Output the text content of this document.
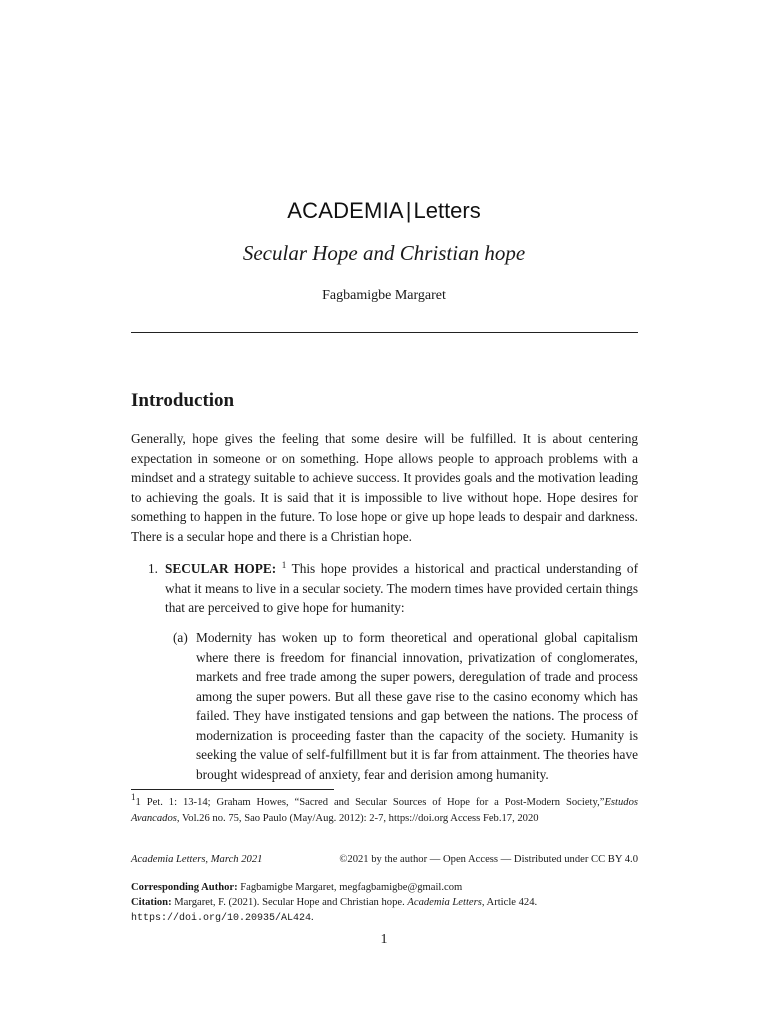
ACADEMIA|Letters
Secular Hope and Christian hope
Fagbamigbe Margaret
Introduction
Generally, hope gives the feeling that some desire will be fulfilled. It is about centering expectation in someone or on something. Hope allows people to approach problems with a mindset and a strategy suitable to achieve success. It provides goals and the motivation leading to achieving the goals. It is said that it is impossible to live without hope. Hope desires for something to happen in the future. To lose hope or give up hope leads to despair and darkness. There is a secular hope and there is a Christian hope.
1. SECULAR HOPE: $^1$ This hope provides a historical and practical understanding of what it means to live in a secular society. The modern times have provided certain things that are perceived to give hope for humanity:
(a) Modernity has woken up to form theoretical and operational global capitalism where there is freedom for financial innovation, privatization of conglomerates, markets and free trade among the super powers, deregulation of trade and process among the super powers. But all these gave rise to the casino economy which has failed. They have instigated tensions and gap between the nations. The process of modernization is proceeding faster than the capacity of the society. Humanity is seeking the value of self-fulfillment but it is far from attainment. The theories have brought widespread of anxiety, fear and derision among humanity.
$^1$1 Pet. 1: 13-14; Graham Howes, “Sacred and Secular Sources of Hope for a Post-Modern Society,”Estudos Avancados, Vol.26 no. 75, Sao Paulo (May/Aug. 2012): 2-7, https://doi.org Access Feb.17, 2020
Academia Letters, March 2021	©2021 by the author — Open Access — Distributed under CC BY 4.0
Corresponding Author: Fagbamigbe Margaret, megfagbamigbe@gmail.com
Citation: Margaret, F. (2021). Secular Hope and Christian hope. Academia Letters, Article 424.
https://doi.org/10.20935/AL424.
1
